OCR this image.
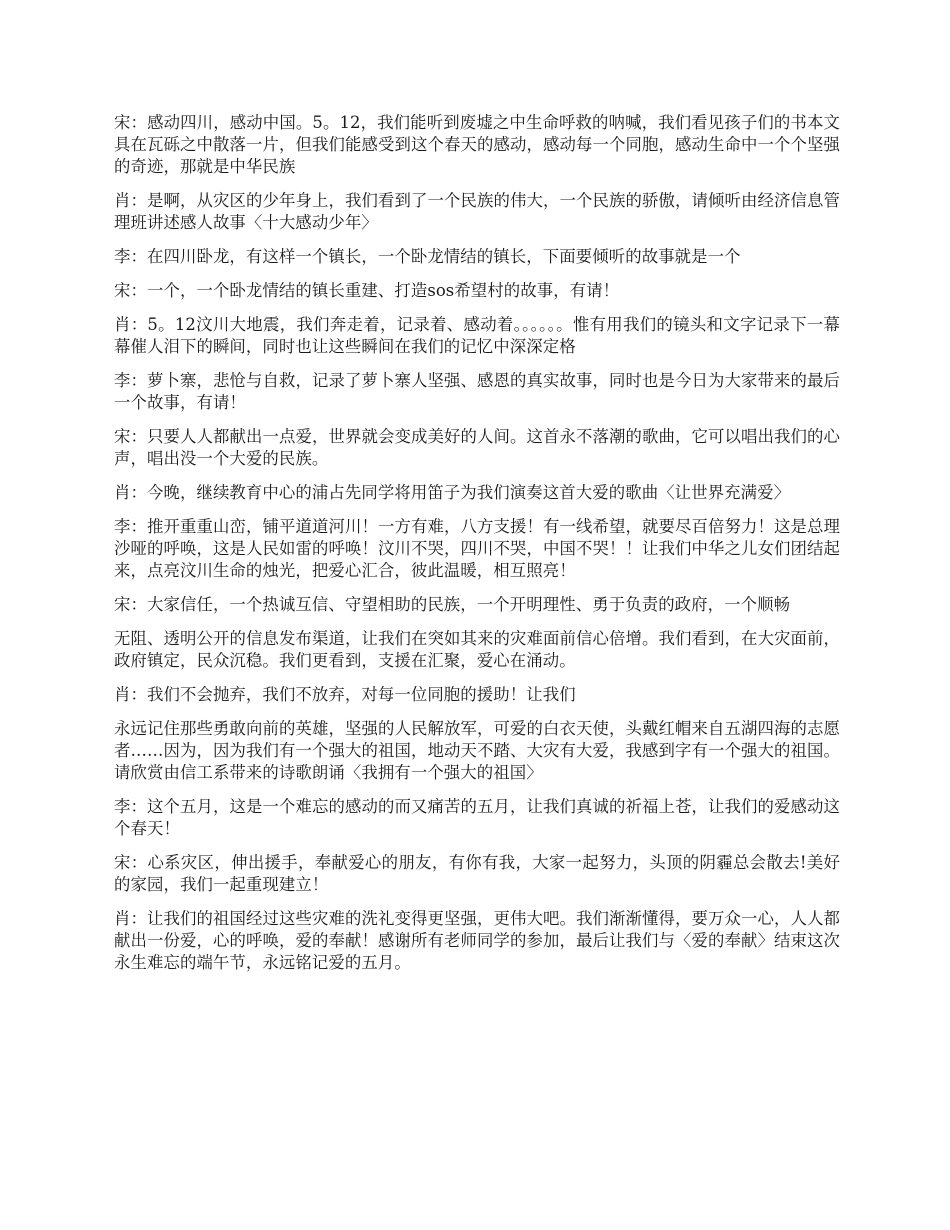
宋：感动四川，感动中国。5。12，我们能听到废墟之中生命呼救的呐喊，我们看见孩子们的书本文具在瓦砾之中散落一片，但我们能感受到这个春天的感动，感动每一个同胞，感动生命中一个个坚强的奇迹，那就是中华民族

肖：是啊，从灾区的少年身上，我们看到了一个民族的伟大，一个民族的骄傲，请倾听由经济信息管理班讲述感人故事〈十大感动少年〉

李：在四川卧龙，有这样一个镇长，一个卧龙情结的镇长，下面要倾听的故事就是一个

宋：一个，一个卧龙情结的镇长重建、打造sos希望村的故事，有请！

肖：5。12汶川大地震，我们奔走着，记录着、感动着。。。。。。惟有用我们的镜头和文字记录下一幕幕催人泪下的瞬间，同时也让这些瞬间在我们的记忆中深深定格

李：萝卜寨，悲怆与自救，记录了萝卜寨人坚强、感恩的真实故事，同时也是今日为大家带来的最后一个故事，有请！

宋：只要人人都献出一点爱，世界就会变成美好的人间。这首永不落潮的歌曲，它可以唱出我们的心声，唱出没一个大爱的民族。

肖：今晚，继续教育中心的浦占先同学将用笛子为我们演奏这首大爱的歌曲〈让世界充满爱〉

李：推开重重山峦，铺平道道河川！一方有难，八方支援！有一线希望，就要尽百倍努力！这是总理沙哑的呼唤，这是人民如雷的呼唤！汶川不哭，四川不哭，中国不哭！！让我们中华之儿女们团结起来，点亮汶川生命的烛光，把爱心汇合，彼此温暖，相互照亮！

宋：大家信任，一个热诚互信、守望相助的民族，一个开明理性、勇于负责的政府，一个顺畅

无阻、透明公开的信息发布渠道，让我们在突如其来的灾难面前信心倍增。我们看到，在大灾面前，政府镇定，民众沉稳。我们更看到，支援在汇聚，爱心在涌动。

肖：我们不会抛弃，我们不放弃，对每一位同胞的援助！让我们

永远记住那些勇敢向前的英雄，坚强的人民解放军，可爱的白衣天使，头戴红帽来自五湖四海的志愿者……因为，因为我们有一个强大的祖国，地动天不踏、大灾有大爱，我感到字有一个强大的祖国。请欣赏由信工系带来的诗歌朗诵〈我拥有一个强大的祖国〉

李：这个五月，这是一个难忘的感动的而又痛苦的五月，让我们真诚的祈福上苍，让我们的爱感动这个春天！

宋：心系灾区，伸出援手，奉献爱心的朋友，有你有我，大家一起努力，头顶的阴霾总会散去!美好的家园，我们一起重现建立！

肖：让我们的祖国经过这些灾难的洗礼变得更坚强，更伟大吧。我们渐渐懂得，要万众一心，人人都献出一份爱，心的呼唤，爱的奉献！感谢所有老师同学的参加，最后让我们与〈爱的奉献〉结束这次永生难忘的端午节，永远铭记爱的五月。
